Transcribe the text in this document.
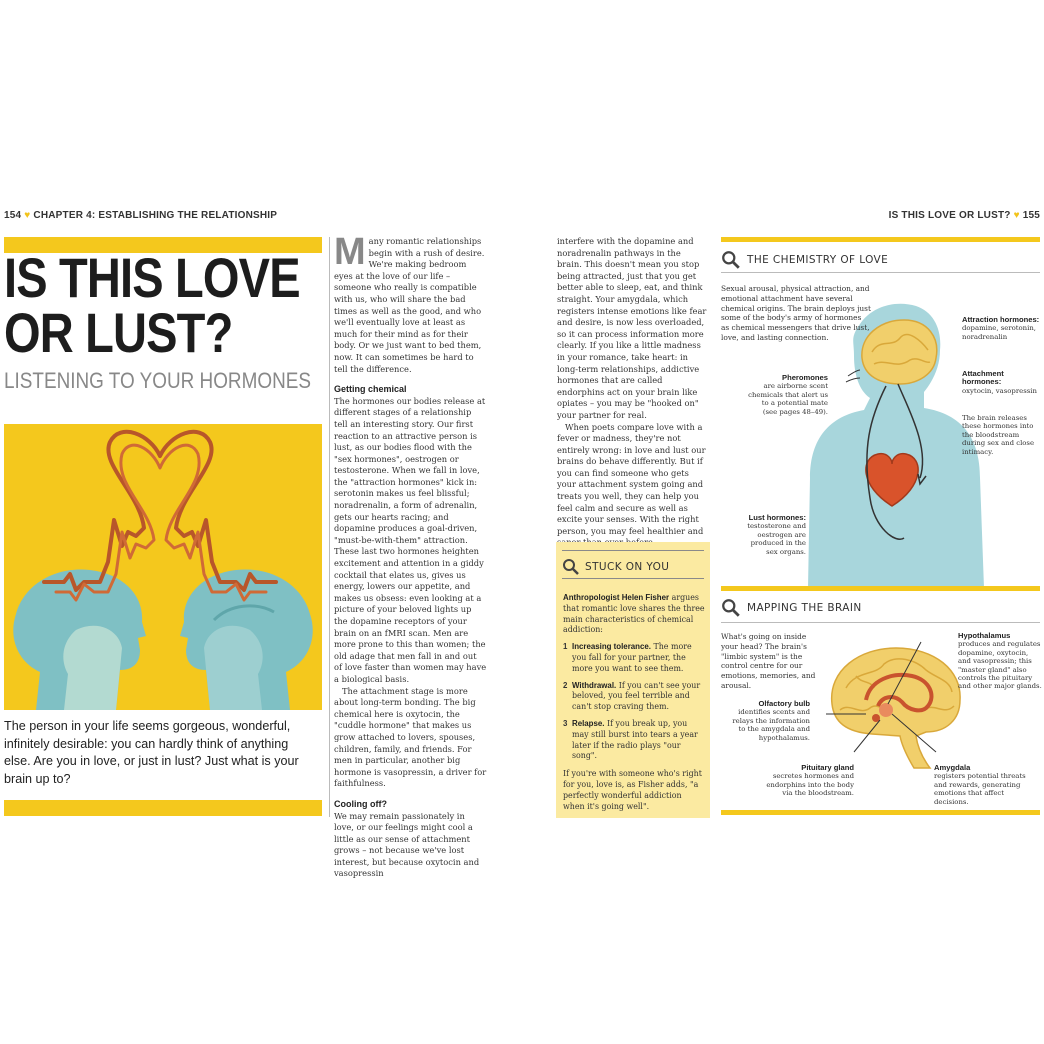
154 ♥ CHAPTER 4: ESTABLISHING THE RELATIONSHIP	IS THIS LOVE OR LUST? ♥ 155
IS THIS LOVE
OR LUST?
LISTENING TO YOUR HORMONES
The person in your life seems gorgeous, wonderful, infinitely desirable: you can hardly think of anything else. Are you in love, or just in lust? Just what is your brain up to?

Many romantic relationships begin with a rush of desire. We're making bedroom eyes at the love of our life – someone who really is compatible with us, who will share the bad times as well as the good, and who we'll eventually love at least as much for their mind as for their body. Or we just want to bed them, now. It can sometimes be hard to tell the difference.

Getting chemical

The hormones our bodies release at different stages of a relationship tell an interesting story. Our first reaction to an attractive person is lust, as our bodies flood with the "sex hormones", oestrogen or testosterone. When we fall in love, the "attraction hormones" kick in: serotonin makes us feel blissful; noradrenalin, a form of adrenalin, gets our hearts racing; and dopamine produces a goal-driven, "must-be-with-them" attraction. These last two hormones heighten excitement and attention in a giddy cocktail that elates us, gives us energy, lowers our appetite, and makes us obsess: even looking at a picture of your beloved lights up the dopamine receptors of your brain on an fMRI scan. Men are more prone to this than women; the old adage that men fall in and out of love faster than women may have a biological basis.

The attachment stage is more about long-term bonding. The big chemical here is oxytocin, the "cuddle hormone" that makes us grow attached to lovers, spouses, children, family, and friends. For men in particular, another big hormone is vasopressin, a driver for faithfulness.

Cooling off?

We may remain passionately in love, or our feelings might cool a little as our sense of attachment grows – not because we've lost interest, but because oxytocin and vasopressin

interfere with the dopamine and noradrenalin pathways in the brain. This doesn't mean you stop being attracted, just that you get better able to sleep, eat, and think straight. Your amygdala, which registers intense emotions like fear and desire, is now less overloaded, so it can process information more clearly. If you like a little madness in your romance, take heart: in long-term relationships, addictive hormones that are called endorphins act on your brain like opiates – you may be "hooked on" your partner for real.

When poets compare love with a fever or madness, they're not entirely wrong: in love and lust our brains do behave differently. But if you can find someone who gets your attachment system going and treats you well, they can help you feel calm and secure as well as excite your senses. With the right person, you may feel healthier and

STUCK ON YOU
Anthropologist Helen Fisher argues that romantic love shares the three main characteristics of chemical addiction:
1 Increasing tolerance. The more you fall for your partner, the more you want to see them.
2 Withdrawal. If you can't see your beloved, you feel terrible and can't stop craving them.
3 Relapse. If you break up, you may still burst into tears a year later if the radio plays "our song".
If you're with someone who's right for you, love is, as Fisher adds, "a perfectly wonderful addiction when it's going well".
THE CHEMISTRY OF LOVE
Sexual arousal, physical attraction, and emotional attachment have several chemical origins. The brain deploys just some of the body's army of hormones as chemical messengers that drive lust, love, and lasting connection.
Attraction hormones:
dopamine, serotonin, noradrenalin
Attachment hormones:
oxytocin, vasopressin
The brain releases these hormones into the bloodstream during sex and close intimacy.
Pheromones
are airborne scent chemicals that alert us to a potential mate (see pages 48–49).
Lust hormones:
testosterone and oestrogen are produced in the sex organs.
MAPPING THE BRAIN
What's going on inside your head? The brain's "limbic system" is the control centre for our emotions, memories, and arousal.
Hypothalamus
produces and regulates dopamine, oxytocin, and vasopressin; this "master gland" also controls the pituitary and other major glands.
Olfactory bulb
identifies scents and relays the information to the amygdala and hypothalamus.
Pituitary gland
secretes hormones and endorphins into the body via the bloodstream.
Amygdala
registers potential threats and rewards, generating emotions that affect decisions.
